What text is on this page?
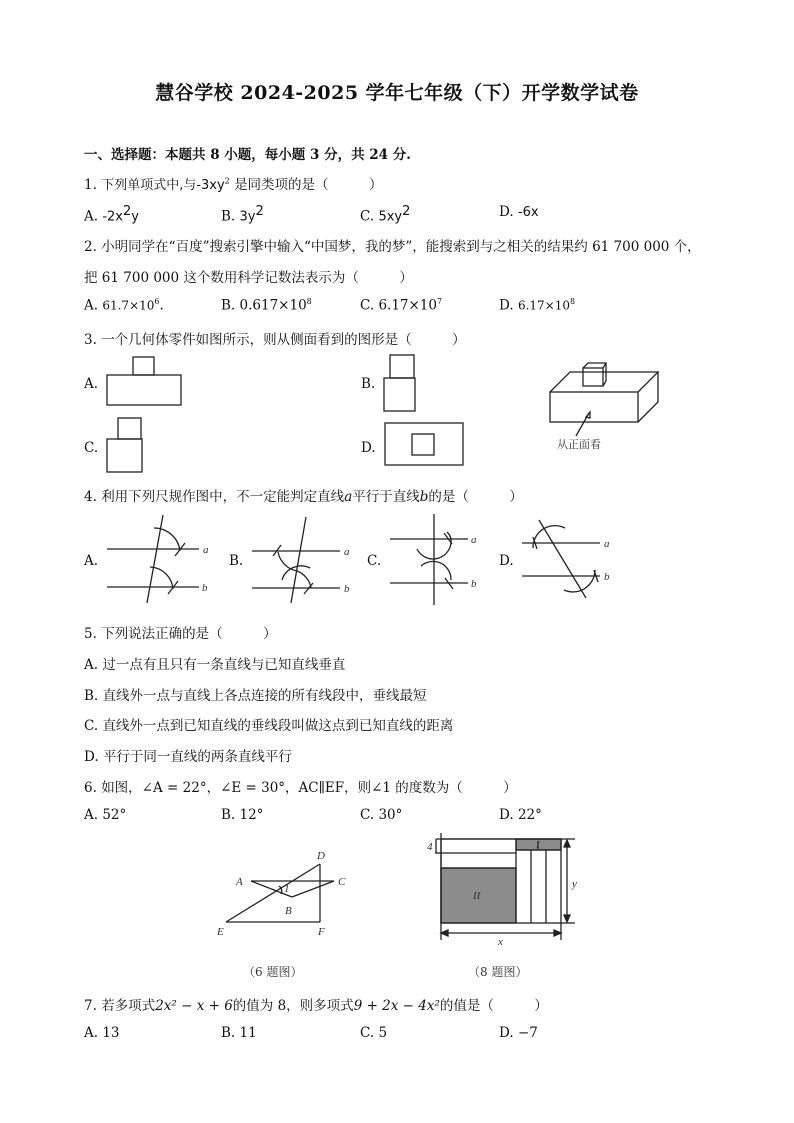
慧谷学校 2024-2025 学年七年级（下）开学数学试卷
一、选择题：本题共 8 小题，每小题 3 分，共 24 分.
1. 下列单项式中,与$-3xy^2$ 是同类项的是（　　　）
A. -2x2y	B. 3y2	C. 5xy2	D. -6x
2. 小明同学在“百度”搜索引擎中输入“中国梦，我的梦”，能搜索到与之相关的结果约 61 700 000 个，
把 61 700 000 这个数用科学记数法表示为（　　　）
A. $61.7\times 10^6$.	B. $0.617\times 10^8$	C. $6.17\times 10^7$	D. $6.17\times 10^8$
3. 一个几何体零件如图所示，则从侧面看到的图形是（　　　）
A.
C.
B.
D.	从正面看
4. 利用下列尺规作图中，不一定能判定直线a平行于直线b的是（　　　）
A.	B.	C.	D.
a
b
a
b
a
b
a
b
5. 下列说法正确的是（　　　）
A. 过一点有且只有一条直线与已知直线垂直
B. 直线外一点与直线上各点连接的所有线段中，垂线最短
C. 直线外一点到已知直线的垂线段叫做这点到已知直线的距离
D. 平行于同一直线的两条直线平行
6. 如图，∠A = 22°，∠E = 30°，AC∥EF，则∠1 的度数为（　　　）
A. 52°	B. 12°	C. 30°	D. 22°
A
B
C
D
E	F
1
（6 题图）
4
II
I
x
y
（8 题图）
7. 若多项式2x² − x + 6的值为 8，则多项式9 + 2x − 4x²的值是（　　　）
A. 13	B. 11	C. 5	D. −7
